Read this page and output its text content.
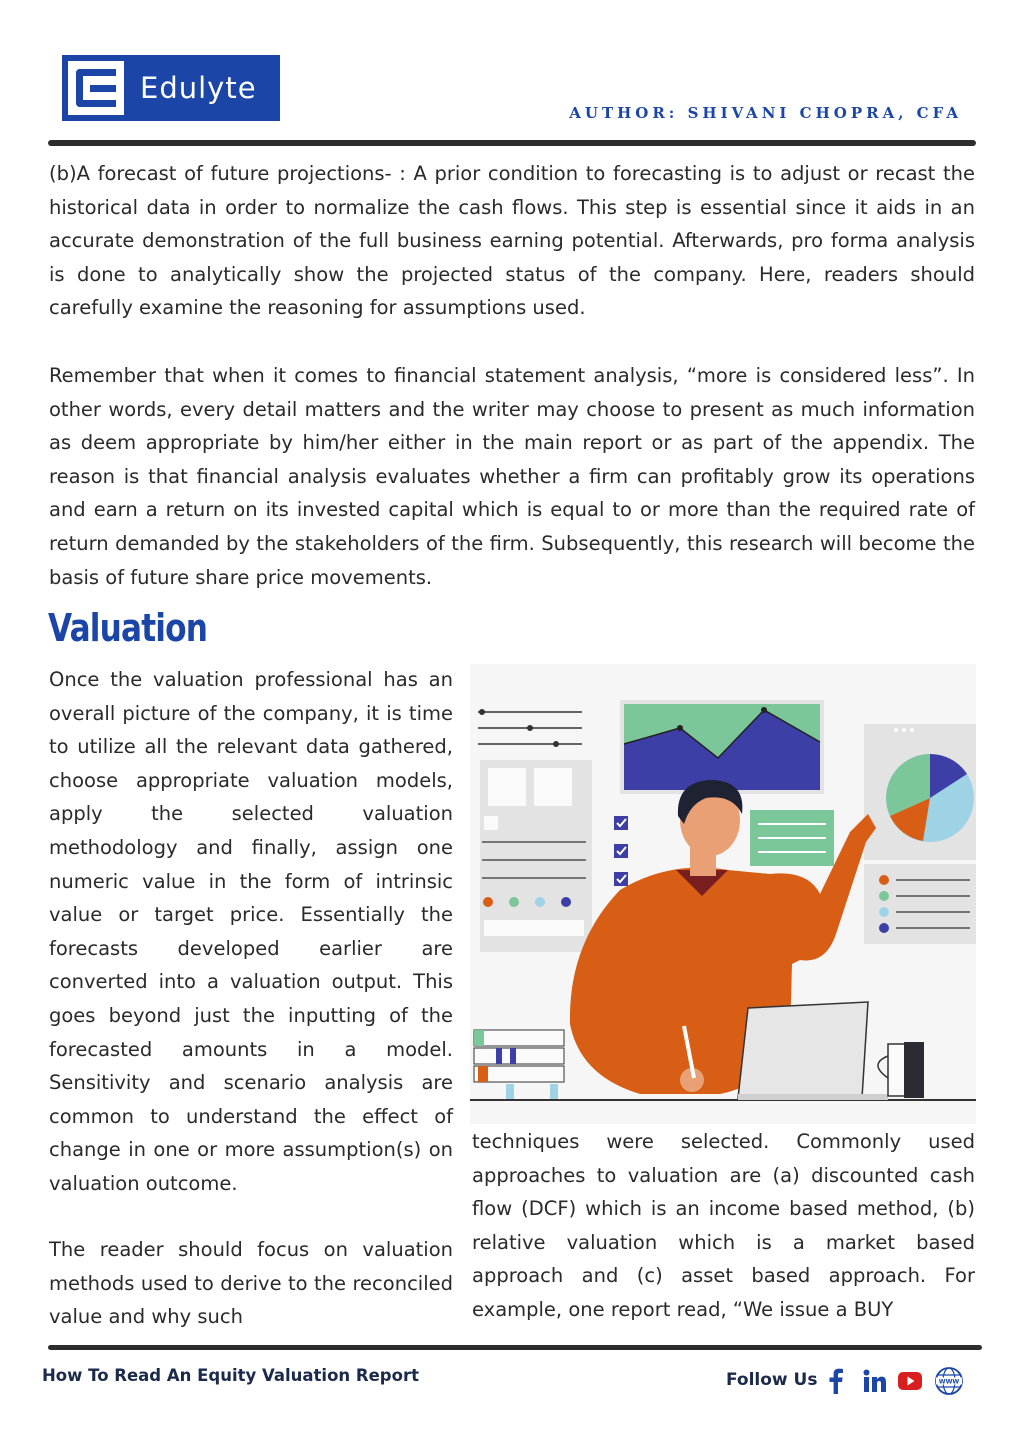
Edulyte
AUTHOR: SHIVANI CHOPRA, CFA

(b)A forecast of future projections- : A prior condition to forecasting is to adjust or recast the historical data in order to normalize the cash flows. This step is essential since it aids in an accurate demonstration of the full business earning potential. Afterwards, pro forma analysis is done to analytically show the projected status of the company. Here, readers should carefully examine the reasoning for assumptions used.

Remember that when it comes to financial statement analysis, “more is considered less”. In other words, every detail matters and the writer may choose to present as much information as deem appropriate by him/her either in the main report or as part of the appendix. The reason is that financial analysis evaluates whether a firm can profitably grow its operations and earn a return on its invested capital which is equal to or more than the required rate of return demanded by the stakeholders of the firm. Subsequently, this research will become the basis of future share price movements.

Valuation

Once the valuation professional has an overall picture of the company, it is time to utilize all the relevant data gathered, choose appropriate valuation models, apply the selected valuation methodology and finally, assign one numeric value in the form of intrinsic value or target price. Essentially the forecasts developed earlier are converted into a valuation output. This goes beyond just the inputting of the forecasted amounts in a model. Sensitivity and scenario analysis are common to understand the effect of change in one or more assumption(s) on valuation outcome.

The reader should focus on valuation methods used to derive to the reconciled value and why such

techniques were selected. Commonly used approaches to valuation are (a) discounted cash flow (DCF) which is an income based method, (b) relative valuation which is a market based approach and (c) asset based approach. For example, one report read, “We issue a BUY

How To Read An Equity Valuation Report	Follow Us	WWW
